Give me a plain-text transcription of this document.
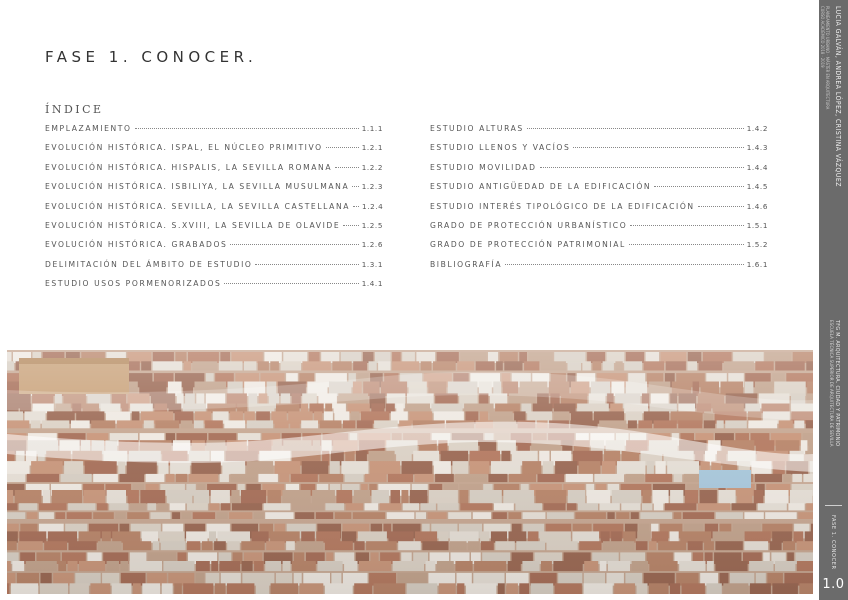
FASE 1. CONOCER.
ÍNDICE
EMPLAZAMIENTO	1.1.1
EVOLUCIÓN HISTÓRICA. ISPAL, EL NÚCLEO PRIMITIVO	1.2.1
EVOLUCIÓN HISTÓRICA. HISPALIS, LA SEVILLA ROMANA	1.2.2
EVOLUCIÓN HISTÓRICA. ISBILIYA, LA SEVILLA MUSULMANA 1.2.3
EVOLUCIÓN HISTÓRICA. SEVILLA, LA SEVILLA CASTELLANA 1.2.4
EVOLUCIÓN HISTÓRICA. S.XVIII, LA SEVILLA DE OLAVIDE	1.2.5
EVOLUCIÓN HISTÓRICA. GRABADOS	1.2.6
DELIMITACIÓN DEL ÁMBITO DE ESTUDIO	1.3.1
ESTUDIO USOS PORMENORIZADOS	1.4.1
ESTUDIO ALTURAS	1.4.2
ESTUDIO LLENOS Y VACÍOS	1.4.3
ESTUDIO MOVILIDAD	1.4.4
ESTUDIO ANTIGÜEDAD DE LA EDIFICACIÓN	1.4.5
ESTUDIO INTERÉS TIPOLÓGICO DE LA EDIFICACIÓN	1.4.6
GRADO DE PROTECCIÓN URBANÍSTICO	1.5.1
GRADO DE PROTECCIÓN PATRIMONIAL	1.5.2
BIBLIOGRAFÍA	1.6.1
LUCIA GALVÁN, ANDREA LÓPEZ, CRISTINA VÁZQUEZ
PLANEAMIENTO URBANO · MÁSTER EN ARQUITECTURA
CURSO ACADÉMICO 2018 · 2019
TFG M. ARQUITECTURA. CIUDAD Y PATRIMONIO
ESCUELA TÉCNICA SUPERIOR DE ARQUITECTURA DE SEVILLA
FASE 1. CONOCER
1.0
